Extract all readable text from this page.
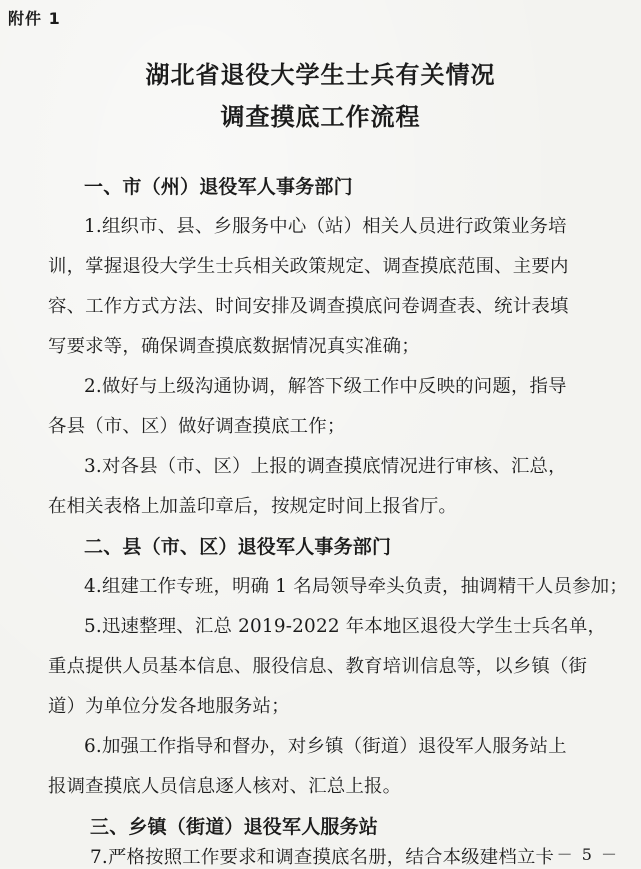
附件 1
湖北省退役大学生士兵有关情况
调查摸底工作流程
一、市（州）退役军人事务部门
1.组织市、县、乡服务中心（站）相关人员进行政策业务培
训，掌握退役大学生士兵相关政策规定、调查摸底范围、主要内
容、工作方式方法、时间安排及调查摸底问卷调查表、统计表填
写要求等，确保调查摸底数据情况真实准确；
2.做好与上级沟通协调，解答下级工作中反映的问题，指导
各县（市、区）做好调查摸底工作；
3.对各县（市、区）上报的调查摸底情况进行审核、汇总，
在相关表格上加盖印章后，按规定时间上报省厅。
二、县（市、区）退役军人事务部门
4.组建工作专班，明确 1 名局领导牵头负责，抽调精干人员参加；
5.迅速整理、汇总 2019-2022 年本地区退役大学生士兵名单，
重点提供人员基本信息、服役信息、教育培训信息等，以乡镇（街
道）为单位分发各地服务站；
6.加强工作指导和督办，对乡镇（街道）退役军人服务站上
报调查摸底人员信息逐人核对、汇总上报。
三、乡镇（街道）退役军人服务站
7.严格按照工作要求和调查摸底名册，结合本级建档立卡 － 5 －
